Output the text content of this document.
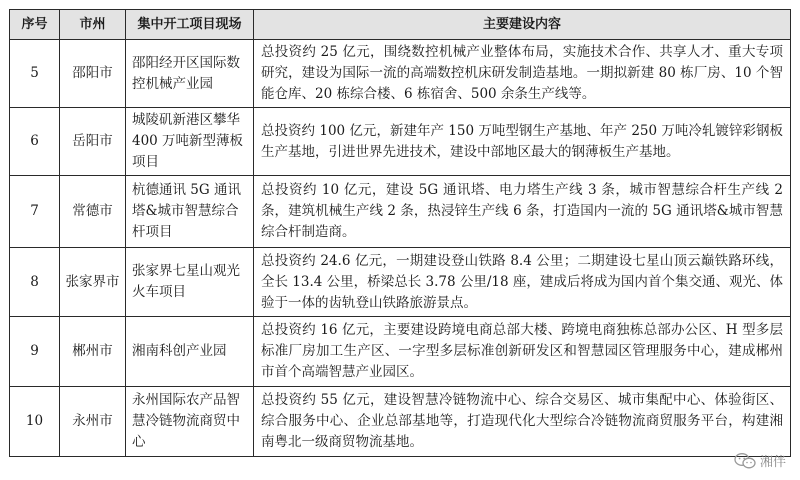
序号	市州	集中开工项目现场	主要建设内容
5	邵阳市	邵阳经开区国际数控机械产业园	总投资约 25 亿元，围绕数控机械产业整体布局，实施技术合作、共享人才、重大专项研究，建设为国际一流的高端数控机床研发制造基地。一期拟新建 80 栋厂房、10 个智能仓库、20 栋综合楼、6 栋宿舍、500 余条生产线等。
6	岳阳市	城陵矶新港区攀华 400 万吨新型薄板项目	总投资约 100 亿元，新建年产 150 万吨型钢生产基地、年产 250 万吨冷轧镀锌彩钢板生产基地，引进世界先进技术，建设中部地区最大的钢薄板生产基地。
7	常德市	杭德通讯 5G 通讯塔&城市智慧综合杆项目	总投资约 10 亿元，建设 5G 通讯塔、电力塔生产线 3 条，城市智慧综合杆生产线 2 条，建筑机械生产线 2 条，热浸锌生产线 6 条，打造国内一流的 5G 通讯塔&城市智慧综合杆制造商。
8	张家界市	张家界七星山观光火车项目	总投资约 24.6 亿元，一期建设登山铁路 8.4 公里；二期建设七星山顶云巅铁路环线，全长 13.4 公里，桥梁总长 3.78 公里/18 座，建成后将成为国内首个集交通、观光、体验于一体的齿轨登山铁路旅游景点。
9	郴州市	湘南科创产业园	总投资约 16 亿元，主要建设跨境电商总部大楼、跨境电商独栋总部办公区、H 型多层标准厂房加工生产区、一字型多层标准创新研发区和智慧园区管理服务中心，建成郴州市首个高端智慧产业园区。
10	永州市	永州国际农产品智慧冷链物流商贸中心	总投资约 55 亿元，建设智慧冷链物流中心、综合交易区、城市集配中心、体验街区、综合服务中心、企业总部基地等，打造现代化大型综合冷链物流商贸服务平台，构建湘南粤北一级商贸物流基地。
湘伴
